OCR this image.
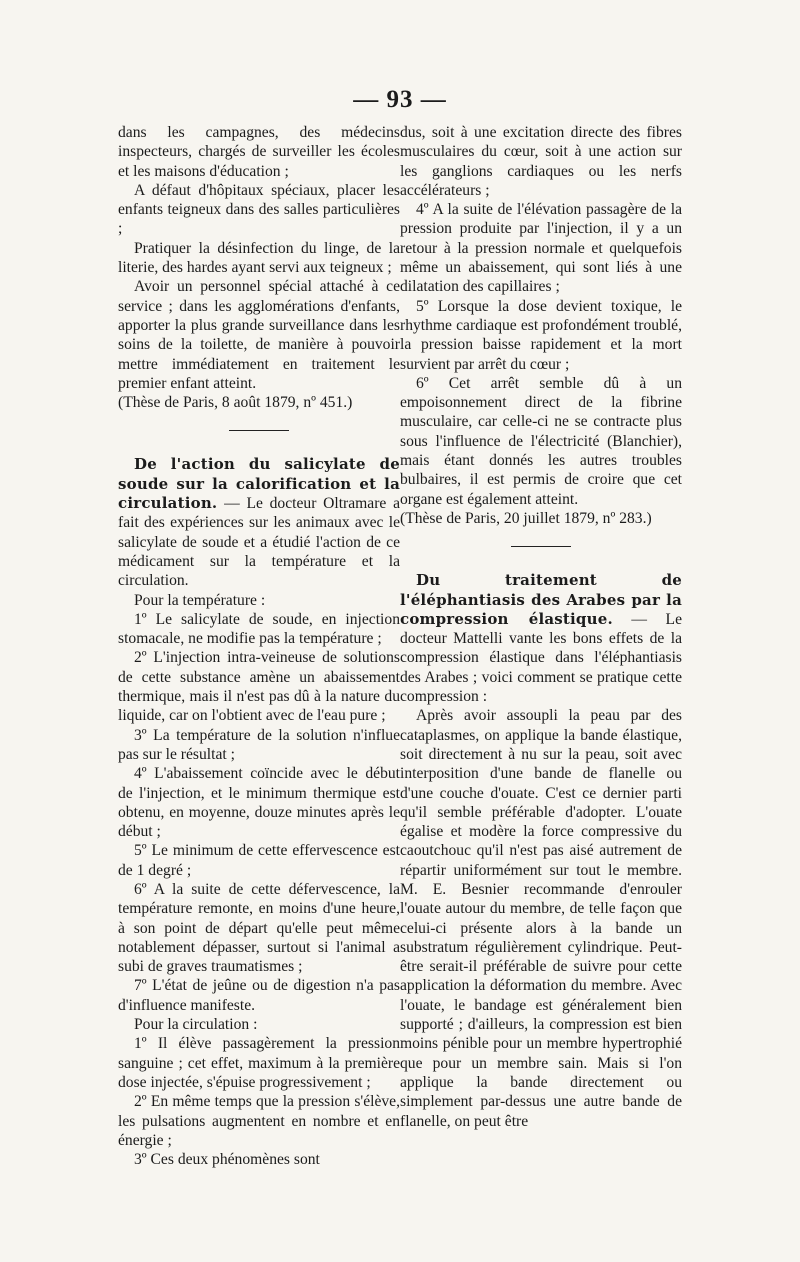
— 93 —

dans les campagnes, des médecins inspecteurs, chargés de surveiller les écoles et les maisons d'éducation ;

A défaut d'hôpitaux spéciaux, placer les enfants teigneux dans des salles particulières ;

Pratiquer la désinfection du linge, de la literie, des hardes ayant servi aux teigneux ;

Avoir un personnel spécial attaché à ce service ; dans les agglomérations d'enfants, apporter la plus grande surveillance dans les soins de la toilette, de manière à pouvoir mettre immédiatement en traitement le premier enfant atteint.

(Thèse de Paris, 8 août 1879, nº 451.)

De l'action du salicylate de soude sur la calorification et la circulation. — Le docteur Oltramare a fait des expériences sur les animaux avec le salicylate de soude et a étudié l'action de ce médicament sur la température et la circulation.

Pour la température :

1º Le salicylate de soude, en injection stomacale, ne modifie pas la température ;

2º L'injection intra-veineuse de solutions de cette substance amène un abaissement thermique, mais il n'est pas dû à la nature du liquide, car on l'obtient avec de l'eau pure ;

3º La température de la solution n'influe pas sur le résultat ;

4º L'abaissement coïncide avec le début de l'injection, et le minimum thermique est obtenu, en moyenne, douze minutes après le début ;

5º Le minimum de cette effervescence est de 1 degré ;

6º A la suite de cette défervescence, la température remonte, en moins d'une heure, à son point de départ qu'elle peut même notablement dépasser, surtout si l'animal a subi de graves traumatismes ;

7º L'état de jeûne ou de digestion n'a pas d'influence manifeste.

Pour la circulation :

1º Il élève passagèrement la pression sanguine ; cet effet, maximum à la première dose injectée, s'épuise progressivement ;

2º En même temps que la pression s'élève, les pulsations augmentent en nombre et en énergie ;

3º Ces deux phénomènes sont

dus, soit à une excitation directe des fibres musculaires du cœur, soit à une action sur les ganglions cardiaques ou les nerfs accélérateurs ;

4º A la suite de l'élévation passagère de la pression produite par l'injection, il y a un retour à la pression normale et quelquefois même un abaissement, qui sont liés à une dilatation des capillaires ;

5º Lorsque la dose devient toxique, le rhythme cardiaque est profondément troublé, la pression baisse rapidement et la mort survient par arrêt du cœur ;

6º Cet arrêt semble dû à un empoisonnement direct de la fibrine musculaire, car celle-ci ne se contracte plus sous l'influence de l'électricité (Blanchier), mais étant donnés les autres troubles bulbaires, il est permis de croire que cet organe est également atteint.

(Thèse de Paris, 20 juillet 1879, nº 283.)

Du traitement de l'éléphantiasis des Arabes par la compression élastique. — Le docteur Mattelli vante les bons effets de la compression élastique dans l'éléphantiasis des Arabes ; voici comment se pratique cette compression :

Après avoir assoupli la peau par des cataplasmes, on applique la bande élastique, soit directement à nu sur la peau, soit avec interposition d'une bande de flanelle ou d'une couche d'ouate. C'est ce dernier parti qu'il semble préférable d'adopter. L'ouate égalise et modère la force compressive du caoutchouc qu'il n'est pas aisé autrement de répartir uniformément sur tout le membre. M. E. Besnier recommande d'enrouler l'ouate autour du membre, de telle façon que celui-ci présente alors à la bande un substratum régulièrement cylindrique. Peut-être serait-il préférable de suivre pour cette application la déformation du membre. Avec l'ouate, le bandage est généralement bien supporté ; d'ailleurs, la compression est bien moins pénible pour un membre hypertrophié que pour un membre sain. Mais si l'on applique la bande directement ou simplement par-dessus une autre bande de flanelle, on peut être
